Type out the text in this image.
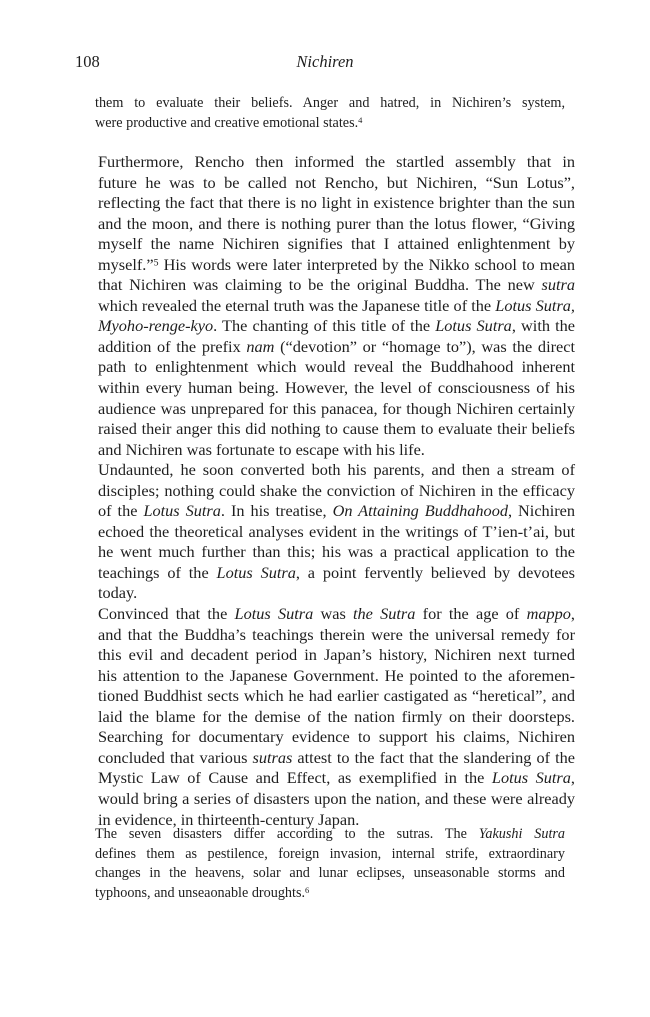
108	Nichiren
them to evaluate their beliefs. Anger and hatred, in Nichiren’s system,
were productive and creative emotional states.$^4$

Furthermore, Rencho then informed the startled assembly that in
future he was to be called not Rencho, but Nichiren, “Sun Lotus”,
reflecting the fact that there is no light in existence brighter than the sun
and the moon, and there is nothing purer than the lotus flower, “Giving
myself the name Nichiren signifies that I attained enlightenment by
myself.”$^5$ His words were later interpreted by the Nikko school to mean
that Nichiren was claiming to be the original Buddha. The new sutra
which revealed the eternal truth was the Japanese title of the Lotus Sutra,
Myoho-renge-kyo. The chanting of this title of the Lotus Sutra, with the
addition of the prefix nam (“devotion” or “homage to”), was the direct
path to enlightenment which would reveal the Buddhahood inherent
within every human being. However, the level of consciousness of his
audience was unprepared for this panacea, for though Nichiren certainly
raised their anger this did nothing to cause them to evaluate their beliefs
and Nichiren was fortunate to escape with his life.

Undaunted, he soon converted both his parents, and then a stream of
disciples; nothing could shake the conviction of Nichiren in the efficacy
of the Lotus Sutra. In his treatise, On Attaining Buddhahood, Nichiren
echoed the theoretical analyses evident in the writings of T’ien-t’ai, but
he went much further than this; his was a practical application to the
teachings of the Lotus Sutra, a point fervently believed by devotees
today.

Convinced that the Lotus Sutra was the Sutra for the age of mappo,
and that the Buddha’s teachings therein were the universal remedy for
this evil and decadent period in Japan’s history, Nichiren next turned
his attention to the Japanese Government. He pointed to the aforemen-
tioned Buddhist sects which he had earlier castigated as “heretical”, and
laid the blame for the demise of the nation firmly on their doorsteps.
Searching for documentary evidence to support his claims, Nichiren
concluded that various sutras attest to the fact that the slandering of the
Mystic Law of Cause and Effect, as exemplified in the Lotus Sutra,
would bring a series of disasters upon the nation, and these were already
in evidence, in thirteenth-century Japan.

The seven disasters differ according to the sutras. The Yakushi Sutra
defines them as pestilence, foreign invasion, internal strife, extraordinary
changes in the heavens, solar and lunar eclipses, unseasonable storms and
typhoons, and unseaonable droughts.$^6$
